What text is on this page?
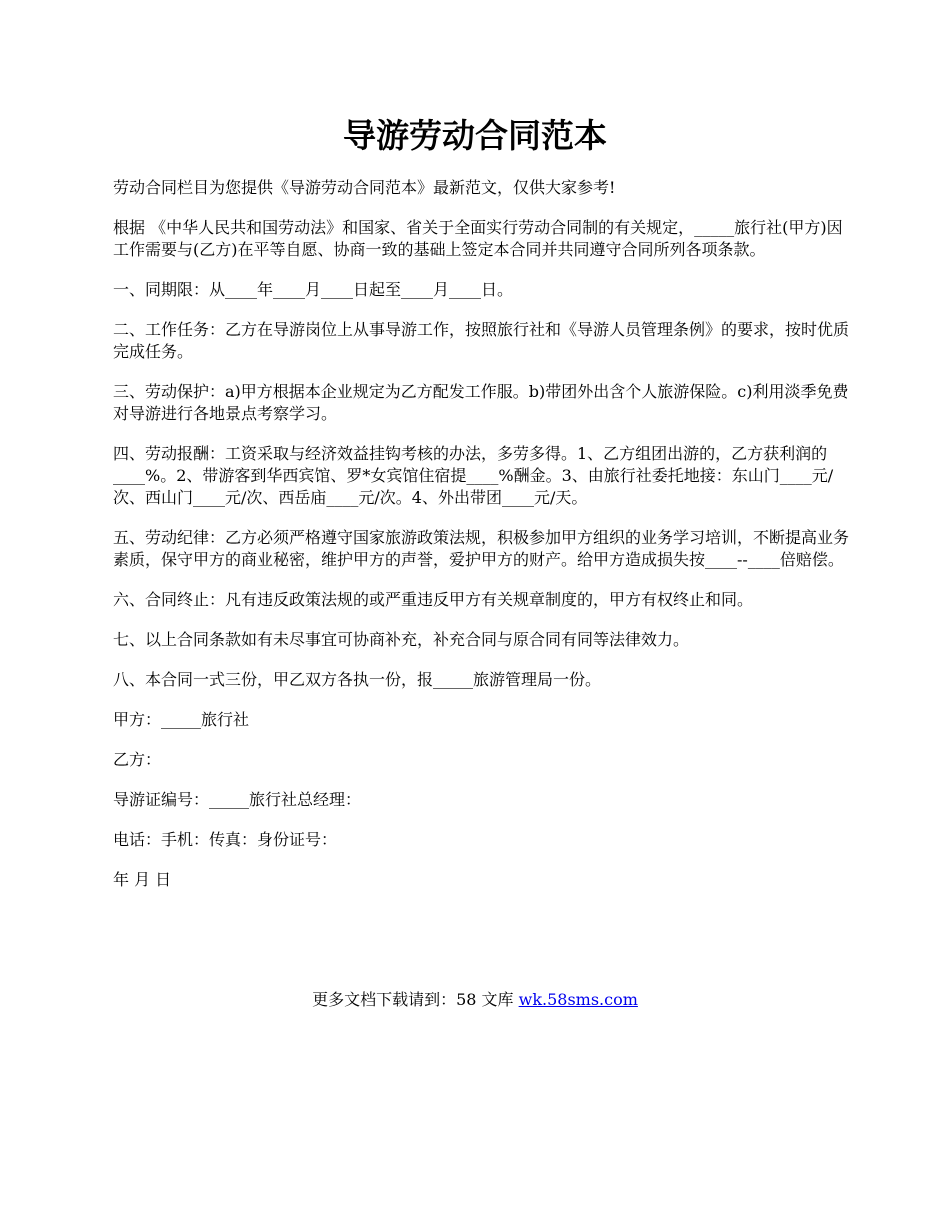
导游劳动合同范本

劳动合同栏目为您提供《导游劳动合同范本》最新范文，仅供大家参考!

根据 《中华人民共和国劳动法》和国家、省关于全面实行劳动合同制的有关规定，_____旅行社(甲方)因工作需要与(乙方)在平等自愿、协商一致的基础上签定本合同并共同遵守合同所列各项条款。

一、同期限：从____年____月____日起至____月____日。

二、工作任务：乙方在导游岗位上从事导游工作，按照旅行社和《导游人员管理条例》的要求，按时优质完成任务。

三、劳动保护：a)甲方根据本企业规定为乙方配发工作服。b)带团外出含个人旅游保险。c)利用淡季免费对导游进行各地景点考察学习。

四、劳动报酬：工资采取与经济效益挂钩考核的办法，多劳多得。1、乙方组团出游的，乙方获利润的____%。2、带游客到华西宾馆、罗*女宾馆住宿提____%酬金。3、由旅行社委托地接：东山门____元/次、西山门____元/次、西岳庙____元/次。4、外出带团____元/天。

五、劳动纪律：乙方必须严格遵守国家旅游政策法规，积极参加甲方组织的业务学习培训，不断提高业务素质，保守甲方的商业秘密，维护甲方的声誉，爱护甲方的财产。给甲方造成损失按____--____倍赔偿。

六、合同终止：凡有违反政策法规的或严重违反甲方有关规章制度的，甲方有权终止和同。

七、以上合同条款如有未尽事宜可协商补充，补充合同与原合同有同等法律效力。

八、本合同一式三份，甲乙双方各执一份，报_____旅游管理局一份。

甲方：_____旅行社

乙方：

导游证编号：_____旅行社总经理：

电话：手机：传真：身份证号：

年 月 日

更多文档下载请到：58 文库 wk.58sms.com
